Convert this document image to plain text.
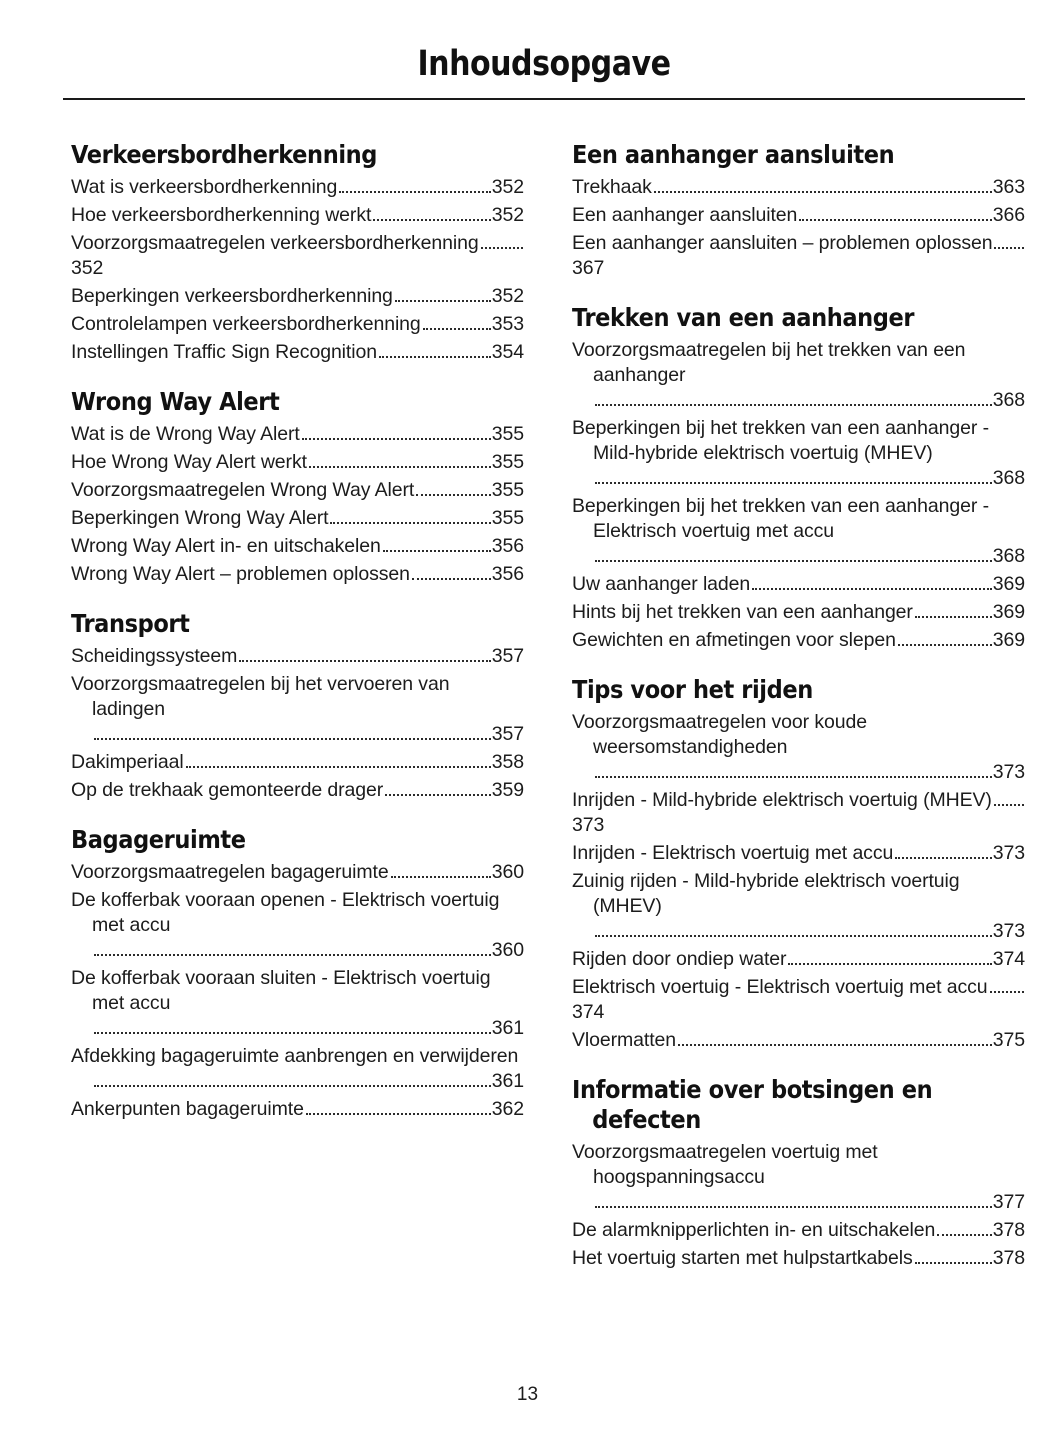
Inhoudsopgave
Verkeersbordherkenning
Wat is verkeersbordherkenning	352
Hoe verkeersbordherkenning werkt	352
Voorzorgsmaatregelen verkeersbordherkenning
352
Beperkingen verkeersbordherkenning	352
Controlelampen verkeersbordherkenning	353
Instellingen Traffic Sign Recognition	354
Wrong Way Alert
Wat is de Wrong Way Alert	355
Hoe Wrong Way Alert werkt	355
Voorzorgsmaatregelen Wrong Way Alert	355
Beperkingen Wrong Way Alert	355
Wrong Way Alert in- en uitschakelen	356
Wrong Way Alert – problemen oplossen	356
Transport
Scheidingssysteem	357
Voorzorgsmaatregelen bij het vervoeren van ladingen
357
Dakimperiaal	358
Op de trekhaak gemonteerde drager	359
Bagageruimte
Voorzorgsmaatregelen bagageruimte	360
De kofferbak vooraan openen - Elektrisch voertuig met accu
360
De kofferbak vooraan sluiten - Elektrisch voertuig met accu
361
Afdekking bagageruimte aanbrengen en verwijderen
361
Ankerpunten bagageruimte	362
Een aanhanger aansluiten
Trekhaak	363
Een aanhanger aansluiten	366
Een aanhanger aansluiten – problemen oplossen
367
Trekken van een aanhanger
Voorzorgsmaatregelen bij het trekken van een aanhanger
368
Beperkingen bij het trekken van een aanhanger - Mild-hybride elektrisch voertuig (MHEV)
368
Beperkingen bij het trekken van een aanhanger - Elektrisch voertuig met accu
368
Uw aanhanger laden	369
Hints bij het trekken van een aanhanger	369
Gewichten en afmetingen voor slepen	369
Tips voor het rijden
Voorzorgsmaatregelen voor koude weersomstandigheden
373
Inrijden - Mild-hybride elektrisch voertuig (MHEV)
373
Inrijden - Elektrisch voertuig met accu	373
Zuinig rijden - Mild-hybride elektrisch voertuig (MHEV)
373
Rijden door ondiep water	374
Elektrisch voertuig - Elektrisch voertuig met accu
374
Vloermatten	375
Informatie over botsingen en defecten
Voorzorgsmaatregelen voertuig met hoogspanningsaccu
377
De alarmknipperlichten in- en uitschakelen	378
Het voertuig starten met hulpstartkabels	378
13
